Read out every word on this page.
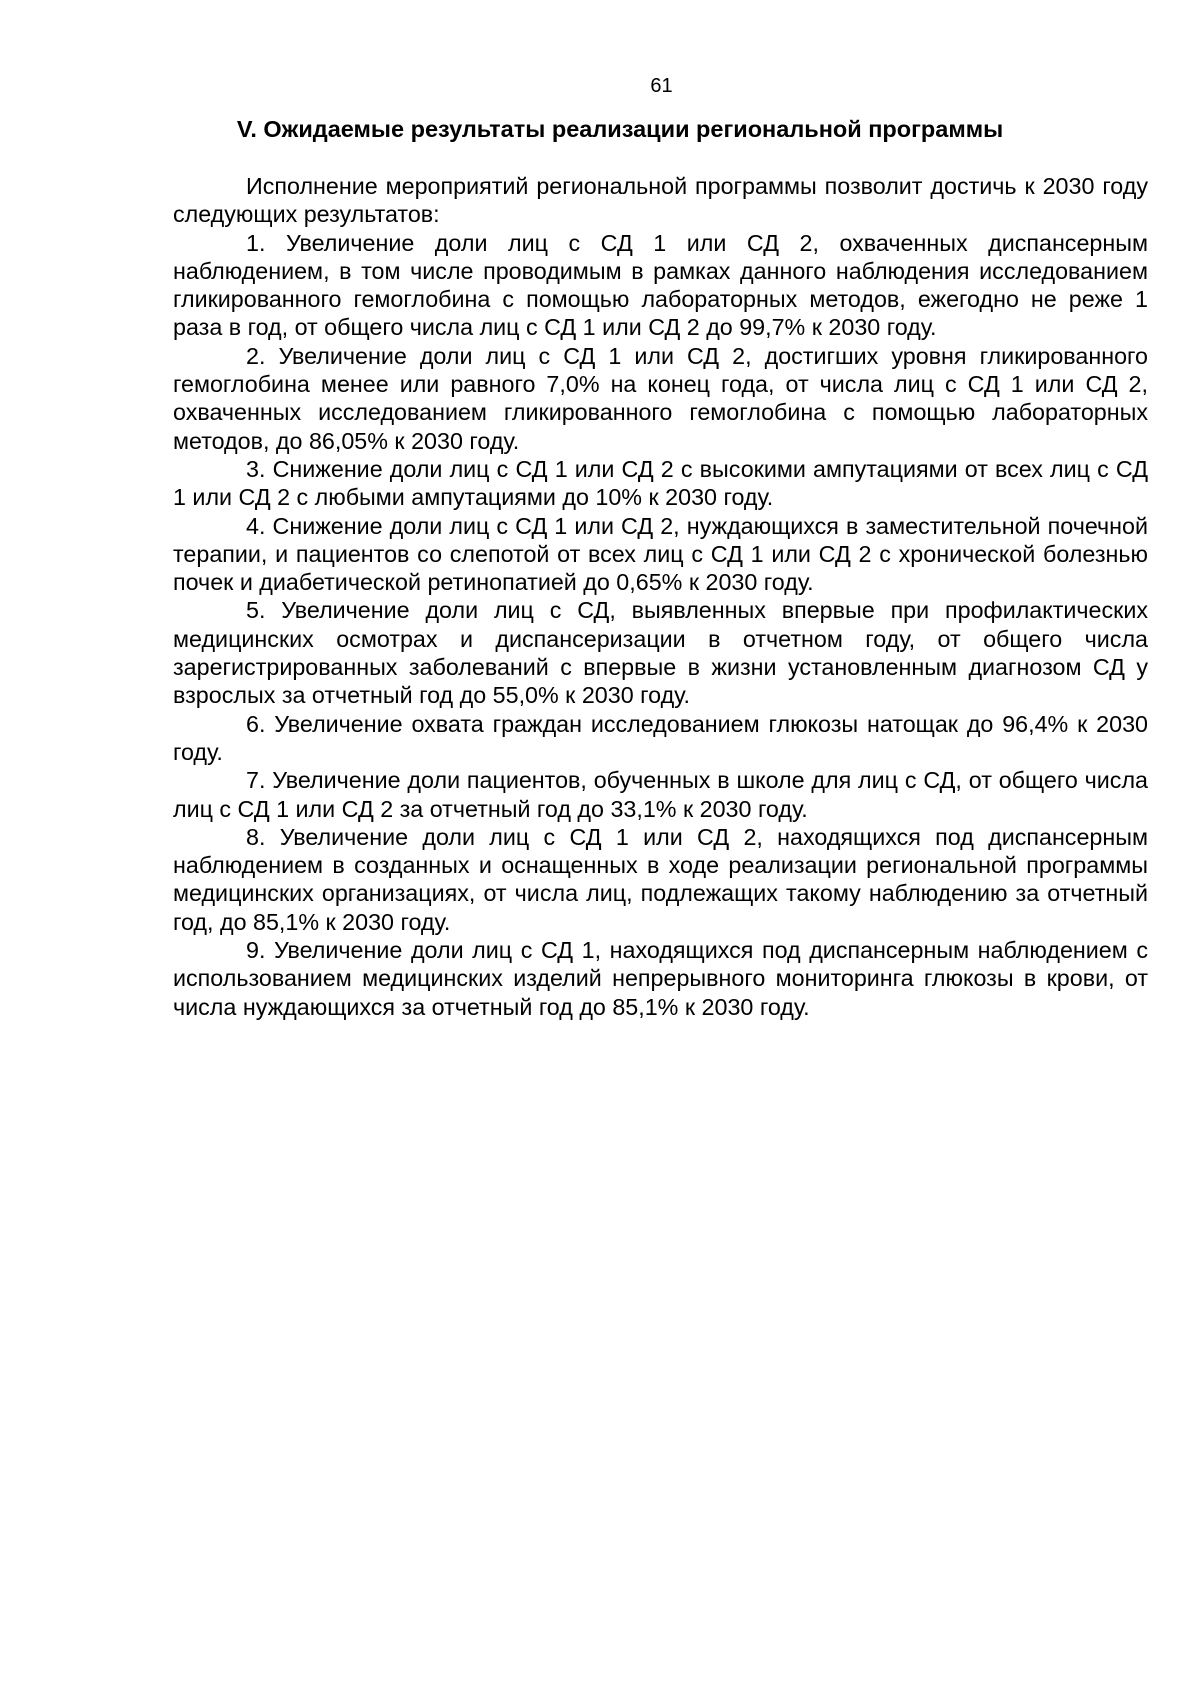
61
V. Ожидаемые результаты реализации региональной программы

Исполнение мероприятий региональной программы позволит достичь к 2030 году следующих результатов:

1. Увеличение доли лиц с СД 1 или СД 2, охваченных диспансерным наблюдением, в том числе проводимым в рамках данного наблюдения исследованием гликированного гемоглобина с помощью лабораторных методов, ежегодно не реже 1 раза в год, от общего числа лиц с СД 1 или СД 2 до 99,7% к 2030 году.

2. Увеличение доли лиц с СД 1 или СД 2, достигших уровня гликированного гемоглобина менее или равного 7,0% на конец года, от числа лиц с СД 1 или СД 2, охваченных исследованием гликированного гемоглобина с помощью лабораторных методов, до 86,05% к 2030 году.

3. Снижение доли лиц с СД 1 или СД 2 с высокими ампутациями от всех лиц с СД 1 или СД 2 с любыми ампутациями до 10% к 2030 году.

4. Снижение доли лиц с СД 1 или СД 2, нуждающихся в заместительной почечной терапии, и пациентов со слепотой от всех лиц с СД 1 или СД 2 с хронической болезнью почек и диабетической ретинопатией до 0,65% к 2030 году.

5. Увеличение доли лиц с СД, выявленных впервые при профилактических медицинских осмотрах и диспансеризации в отчетном году, от общего числа зарегистрированных заболеваний с впервые в жизни установленным диагнозом СД у взрослых за отчетный год до 55,0% к 2030 году.

6. Увеличение охвата граждан исследованием глюкозы натощак до 96,4% к 2030 году.

7. Увеличение доли пациентов, обученных в школе для лиц с СД, от общего числа лиц с СД 1 или СД 2 за отчетный год до 33,1% к 2030 году.

8. Увеличение доли лиц с СД 1 или СД 2, находящихся под диспансерным наблюдением в созданных и оснащенных в ходе реализации региональной программы медицинских организациях, от числа лиц, подлежащих такому наблюдению за отчетный год, до 85,1% к 2030 году.

9. Увеличение доли лиц с СД 1, находящихся под диспансерным наблюдением с использованием медицинских изделий непрерывного мониторинга глюкозы в крови, от числа нуждающихся за отчетный год до 85,1% к 2030 году.
